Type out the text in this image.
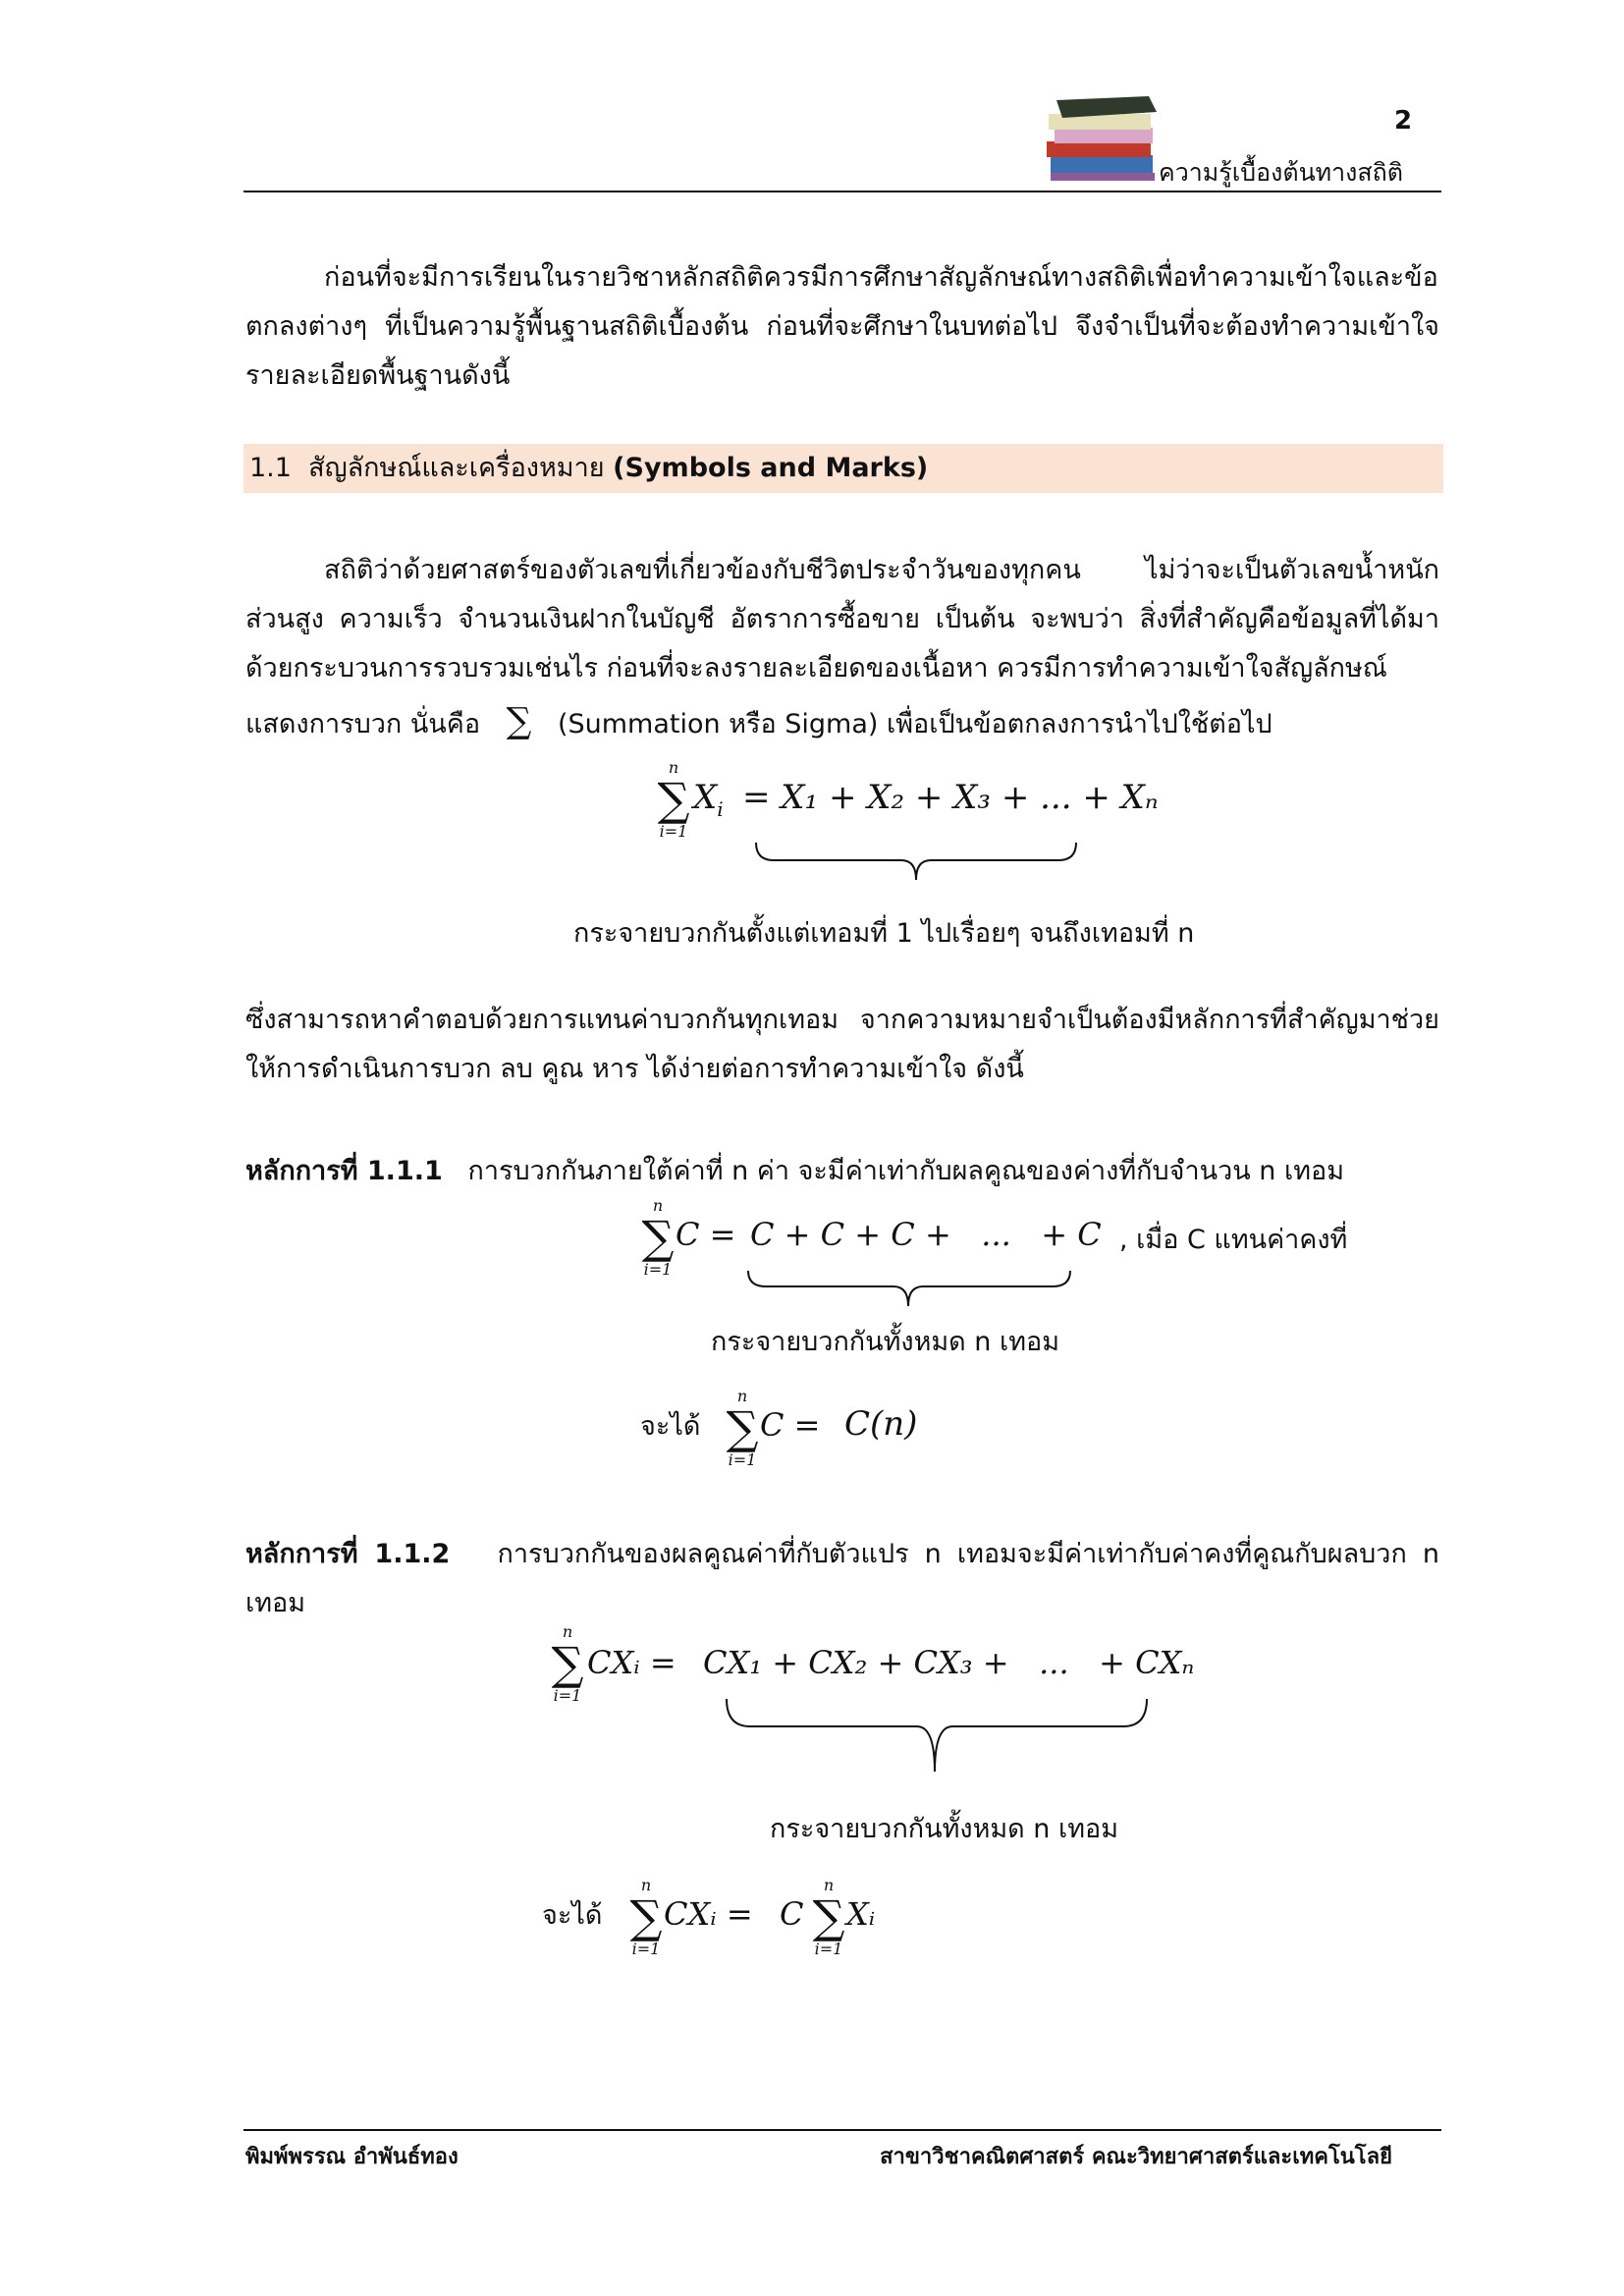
2
ความรู้เบื้องต้นทางสถิติ
ก่อนที่จะมีการเรียนในรายวิชาหลักสถิติควรมีการศึกษาสัญลักษณ์ทางสถิติเพื่อทำความเข้าใจและข้อตกลงต่างๆ ที่เป็นความรู้พื้นฐานสถิติเบื้องต้น ก่อนที่จะศึกษาในบทต่อไป จึงจำเป็นที่จะต้องทำความเข้าใจรายละเอียดพื้นฐานดังนี้
1.1 สัญลักษณ์และเครื่องหมาย (Symbols and Marks)
สถิติว่าด้วยศาสตร์ของตัวเลขที่เกี่ยวข้องกับชีวิตประจำวันของทุกคน ไม่ว่าจะเป็นตัวเลขน้ำหนัก ส่วนสูง ความเร็ว จำนวนเงินฝากในบัญชี อัตราการซื้อขาย เป็นต้น จะพบว่า สิ่งที่สำคัญคือข้อมูลที่ได้มาด้วยกระบวนการรวบรวมเช่นไร ก่อนที่จะลงรายละเอียดของเนื้อหา ควรมีการทำความเข้าใจสัญลักษณ์
แสดงการบวก นั่นคือ ∑ (Summation หรือ Sigma) เพื่อเป็นข้อตกลงการนำไปใช้ต่อไป
n
∑
i=1
$X_i = X_1 + X_2 + X_3$ + ... + Xₙ
กระจายบวกกันตั้งแต่เทอมที่ 1 ไปเรื่อยๆ จนถึงเทอมที่ n
ซึ่งสามารถหาคำตอบด้วยการแทนค่าบวกกันทุกเทอม จากความหมายจำเป็นต้องมีหลักการที่สำคัญมาช่วยให้การดำเนินการบวก ลบ คูณ หาร ได้ง่ายต่อการทำความเข้าใจ ดังนี้
หลักการที่ 1.1.1 การบวกกันภายใต้ค่าที่ n ค่า จะมีค่าเท่ากับผลคูณของค่างที่กับจำนวน n เทอม
n
∑
i=1
C = C + C + C +   ...   + C , เมื่อ C แทนค่าคงที่
กระจายบวกกันทั้งหมด n เทอม
จะได้
n
∑
i=1
C = C(n)
หลักการที่ 1.1.2 การบวกกันของผลคูณค่าที่กับตัวแปร n เทอมจะมีค่าเท่ากับค่าคงที่คูณกับผลบวก n เทอม
n
∑
i=1
CXᵢ = CX₁ + CX₂ + CX₃ +   ...   + CXₙ
กระจายบวกกันทั้งหมด n เทอม
จะได้
n
∑
i=1
CXᵢ = C
n
∑
i=1
Xᵢ
พิมพ์พรรณ อำพันธ์ทอง	สาขาวิชาคณิตศาสตร์ คณะวิทยาศาสตร์และเทคโนโลยี
